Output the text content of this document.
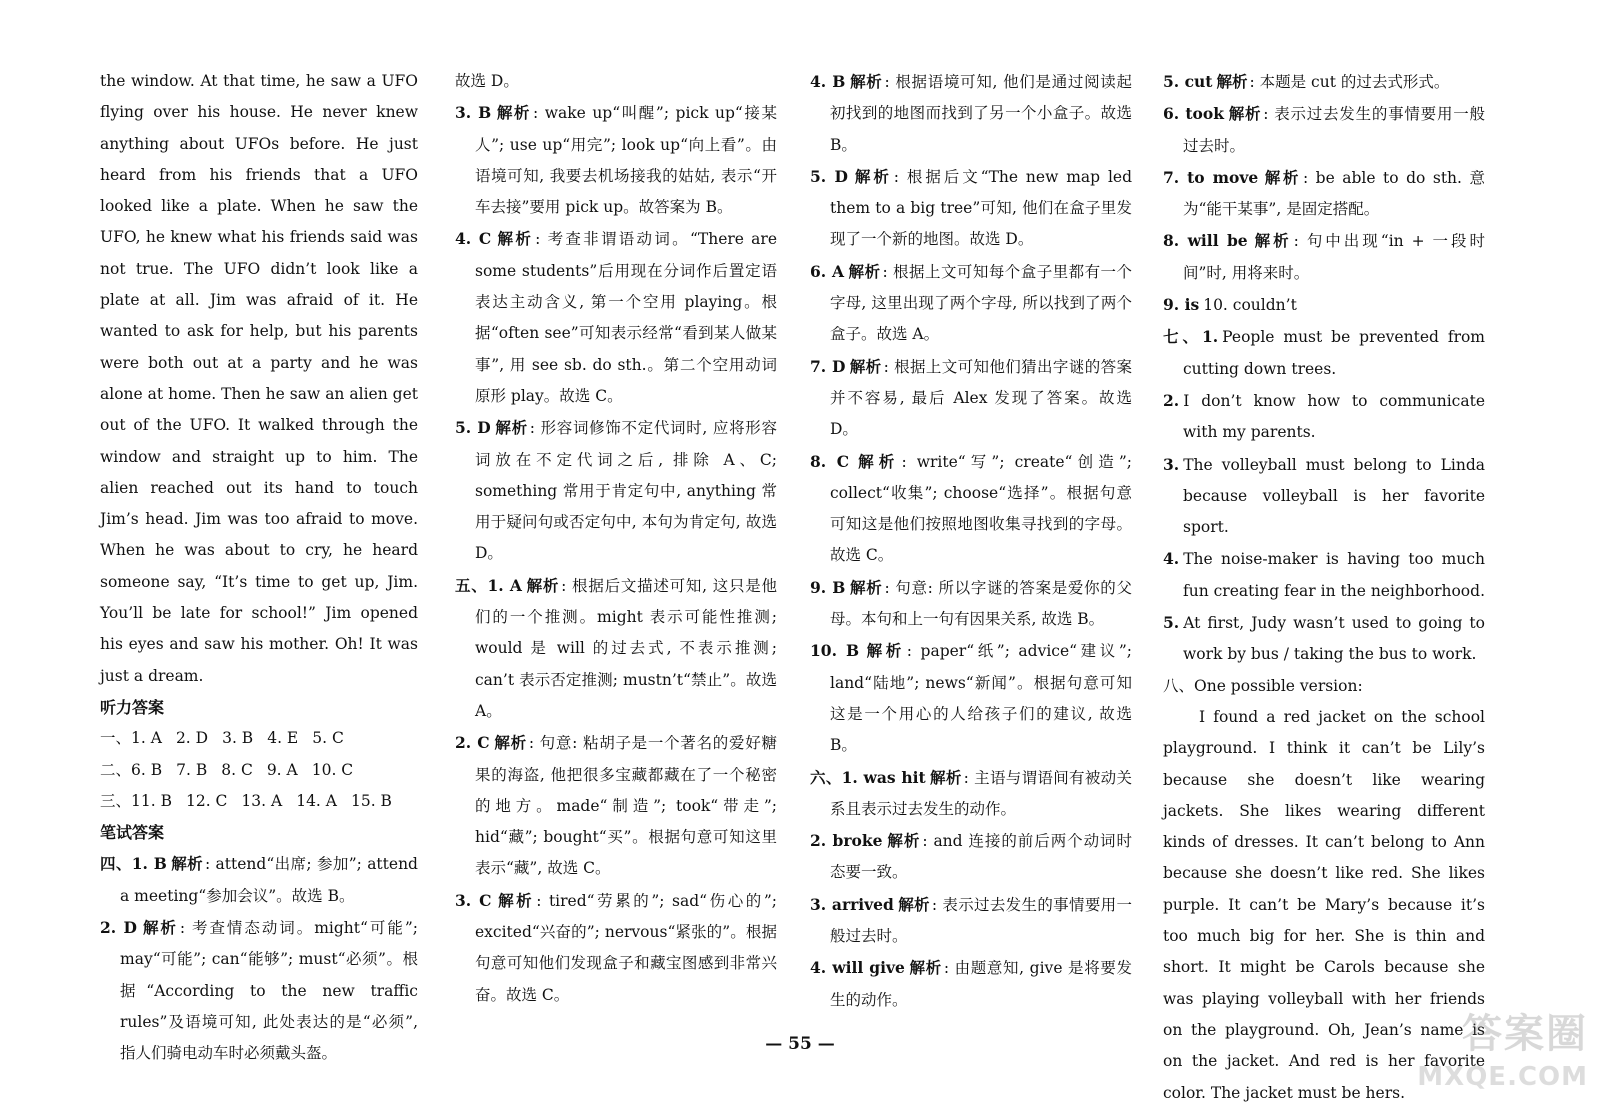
the window. At that time, he saw a UFO flying over his house. He never knew anything about UFOs before. He just heard from his friends that a UFO looked like a plate. When he saw the UFO, he knew what his friends said was not true. The UFO didn’t look like a plate at all. Jim was afraid of it. He wanted to ask for help, but his parents were both out at a party and he was alone at home. Then he saw an alien get out of the UFO. It walked through the window and straight up to him. The alien reached out its hand to touch Jim’s head. Jim was too afraid to move. When he was about to cry, he heard someone say, “It’s time to get up, Jim. You’ll be late for school!” Jim opened his eyes and saw his mother. Oh! It was just a dream.

听力答案
一、 1. A 2. D 3. B 4. E 5. C
二、 6. B 7. B 8. C 9. A 10. C
三、 11. B 12. C 13. A 14. A 15. B
笔试答案

四、1. B 解析 : attend“出席; 参加”; attend a meeting“参加会议”。故选 B。

2. D 解析 : 考查情态动词。might“可能”; may“可能”; can“能够”; must“必须”。根据“According to the new traffic rules”及语境可知, 此处表达的是“必须”, 指人们骑电动车时必须戴头盔。

故选 D。

3. B 解析 : wake up“叫醒”; pick up“接某人”; use up“用完”; look up“向上看”。由语境可知, 我要去机场接我的姑姑, 表示“开车去接”要用 pick up。故答案为 B。

4. C 解析 : 考查非谓语动词。“There are some students”后用现在分词作后置定语表达主动含义, 第一个空用 playing。根据“often see”可知表示经常“看到某人做某事”, 用 see sb. do sth.。第二个空用动词原形 play。故选 C。

5. D 解析 : 形容词修饰不定代词时, 应将形容词放在不定代词之后, 排除 A、C; something 常用于肯定句中, anything 常用于疑问句或否定句中, 本句为肯定句, 故选 D。

五、1. A 解析 : 根据后文描述可知, 这只是他们的一个推测。might 表示可能性推测; would 是 will 的过去式, 不表示推测; can’t 表示否定推测; mustn’t“禁止”。故选 A。

2. C 解析 : 句意: 粘胡子是一个著名的爱好糖果的海盗, 他把很多宝藏都藏在了一个秘密的地方。made“制造”; took“带走”; hid“藏”; bought“买”。根据句意可知这里表示“藏”, 故选 C。

3. C 解析 : tired“劳累的”; sad“伤心的”; excited“兴奋的”; nervous“紧张的”。根据句意可知他们发现盒子和藏宝图感到非常兴奋。故选 C。

4. B 解析 : 根据语境可知, 他们是通过阅读起初找到的地图而找到了另一个小盒子。故选 B。

5. D 解析 : 根据后文“The new map led them to a big tree”可知, 他们在盒子里发现了一个新的地图。故选 D。

6. A 解析 : 根据上文可知每个盒子里都有一个字母, 这里出现了两个字母, 所以找到了两个盒子。故选 A。

7. D 解析 : 根据上文可知他们猜出字谜的答案并不容易, 最后 Alex 发现了答案。故选 D。

8. C 解析 : write“写”; create“创造”; collect“收集”; choose“选择”。根据句意可知这是他们按照地图收集寻找到的字母。故选 C。

9. B 解析 : 句意: 所以字谜的答案是爱你的父母。本句和上一句有因果关系, 故选 B。

10. B 解析 : paper“纸”; advice“建议”; land“陆地”; news“新闻”。根据句意可知这是一个用心的人给孩子们的建议, 故选 B。

六、1. was hit 解析 : 主语与谓语间有被动关系且表示过去发生的动作。

2. broke 解析 : and 连接的前后两个动词时态要一致。

3. arrived 解析 : 表示过去发生的事情要用一般过去时。

4. will give 解析 : 由题意知, give 是将要发生的动作。

5. cut 解析 : 本题是 cut 的过去式形式。

6. took 解析 : 表示过去发生的事情要用一般过去时。

7. to move 解析 : be able to do sth. 意为“能干某事”, 是固定搭配。

8. will be 解析 : 句中出现“in + 一段时间”时, 用将来时。

9. is 10. couldn’t

七、1. People must be prevented from cutting down trees.

2. I don’t know how to communicate with my parents.

3. The volleyball must belong to Linda because volleyball is her favorite sport.

4. The noise-maker is having too much fun creating fear in the neighborhood.

5. At first, Judy wasn’t used to going to work by bus / taking the bus to work.

八、One possible version:

I found a red jacket on the school playground. I think it can’t be Lily’s because she doesn’t like wearing jackets. She likes wearing different kinds of dresses. It can’t belong to Ann because she doesn’t like red. She likes purple. It can’t be Mary’s because it’s too much big for her. She is thin and short. It might be Carols because she was playing volleyball with her friends on the playground. Oh, Jean’s name is on the jacket. And red is her favorite color. The jacket must be hers.

— 55 —	答案圈
MXQE.COM
